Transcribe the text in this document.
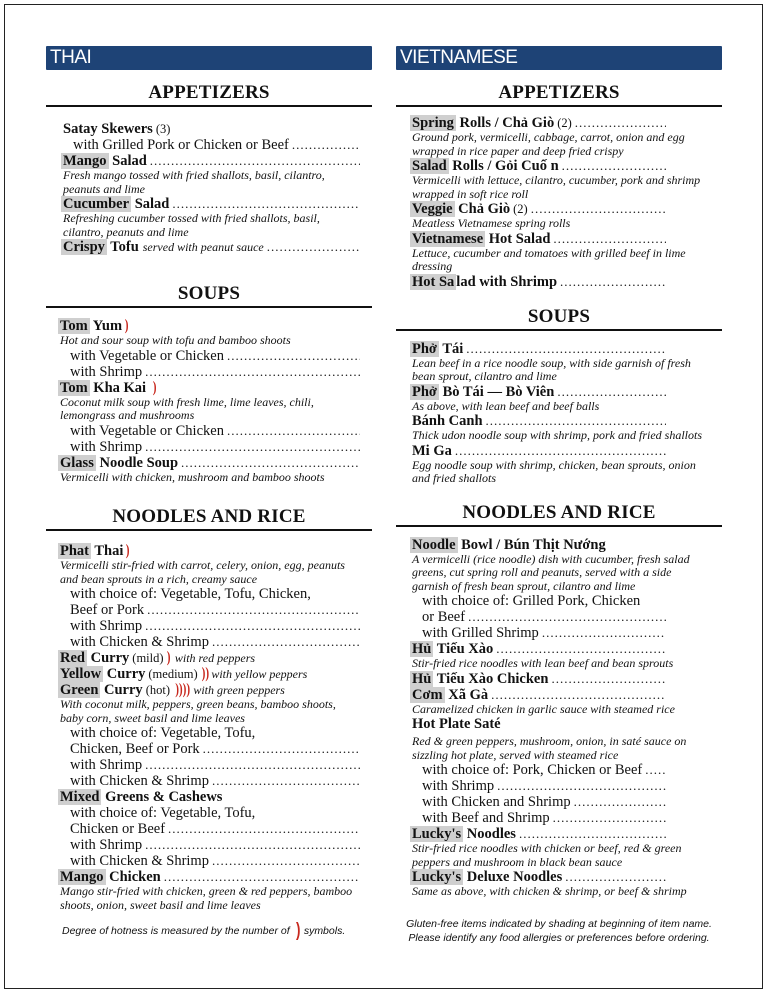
THAI
APPETIZERS
Satay Skewers (3)
with Grilled Pork or Chicken or Beef
.....
Mango Salad
.....
Fresh mango tossed with fried shallots, basil, cilantro, peanuts and lime
Cucumber Salad
.....
Refreshing cucumber tossed with fried shallots, basil, cilantro, peanuts and lime
Crispy Tofu served with peanut sauce
.....
SOUPS
Tom Yum )
Hot and sour soup with tofu and bamboo shoots
with Vegetable or Chicken
.....
with Shrimp
.....
Tom Kha Kai )
Coconut milk soup with fresh lime, lime leaves, chili, lemongrass and mushrooms
with Vegetable or Chicken
.....
with Shrimp
.....
Glass Noodle Soup
.....
Vermicelli with chicken, mushroom and bamboo shoots
NOODLES AND RICE
Phat Thai )
Vermicelli stir-fried with carrot, celery, onion, egg, peanuts and bean sprouts in a rich, creamy sauce
with choice of: Vegetable, Tofu, Chicken,
Beef or Pork
.....
with Shrimp
.....
with Chicken & Shrimp
.....
Red Curry (mild) ) with red peppers
Yellow Curry (medium) )) with yellow peppers
Green Curry (hot) )))) with green peppers
With coconut milk, peppers, green beans, bamboo shoots, baby corn, sweet basil and lime leaves
with choice of: Vegetable, Tofu,
Chicken, Beef or Pork
.....
with Shrimp
.....
with Chicken & Shrimp
.....
Mixed Greens & Cashews
with choice of: Vegetable, Tofu,
Chicken or Beef
.....
with Shrimp
.....
with Chicken & Shrimp
.....
Mango Chicken
.....
Mango stir-fried with chicken, green & red peppers, bamboo shoots, onion, sweet basil and lime leaves
Degree of hotness is measured by the number of ) symbols.
VIETNAMESE
APPETIZERS
Spring Rolls / Chả Giò (2)
.....
Ground pork, vermicelli, cabbage, carrot, onion and egg wrapped in rice paper and deep fried crispy
Salad Rolls / Gỏi Cuố n
.....
Vermicelli with lettuce, cilantro, cucumber, pork and shrimp wrapped in soft rice roll
Veggie Chả Giò (2)
.....
Meatless Vietnamese spring rolls
Vietnamese Hot Salad
.....
Lettuce, cucumber and tomatoes with grilled beef in lime dressing
Hot Sa lad with Shrimp
.....
SOUPS
Phở Tái
.....
Lean beef in a rice noodle soup, with side garnish of fresh bean sprout, cilantro and lime
Phở Bò Tái — Bò Viên
.....
As above, with lean beef and beef balls
Bánh Canh
.....
Thick udon noodle soup with shrimp, pork and fried shallots
Mi Ga
.....
Egg noodle soup with shrimp, chicken, bean sprouts, onion and fried shallots
NOODLES AND RICE
Noodle Bowl / Bún Thịt Nướng
A vermicelli (rice noodle) dish with cucumber, fresh salad greens, cut spring roll and peanuts, served with a side garnish of fresh bean sprout, cilantro and lime
with choice of: Grilled Pork, Chicken
or Beef
.....
with Grilled Shrimp
.....
Hủ Tiếu Xào
.....
Stir-fried rice noodles with lean beef and bean sprouts
Hủ Tiếu Xào Chicken
.....
Cơm Xã Gà
.....
Caramelized chicken in garlic sauce with steamed rice
Hot Plate Saté
Red & green peppers, mushroom, onion, in saté sauce on sizzling hot plate, served with steamed rice
with choice of: Pork, Chicken or Beef
.....
with Shrimp
.....
with Chicken and Shrimp
.....
with Beef and Shrimp
.....
Lucky's Noodles
.....
Stir-fried rice noodles with chicken or beef, red & green peppers and mushroom in black bean sauce
Lucky's Deluxe Noodles
.....
Same as above, with chicken & shrimp, or beef & shrimp
Gluten-free items indicated by shading at beginning of item name.
Please identify any food allergies or preferences before ordering.
